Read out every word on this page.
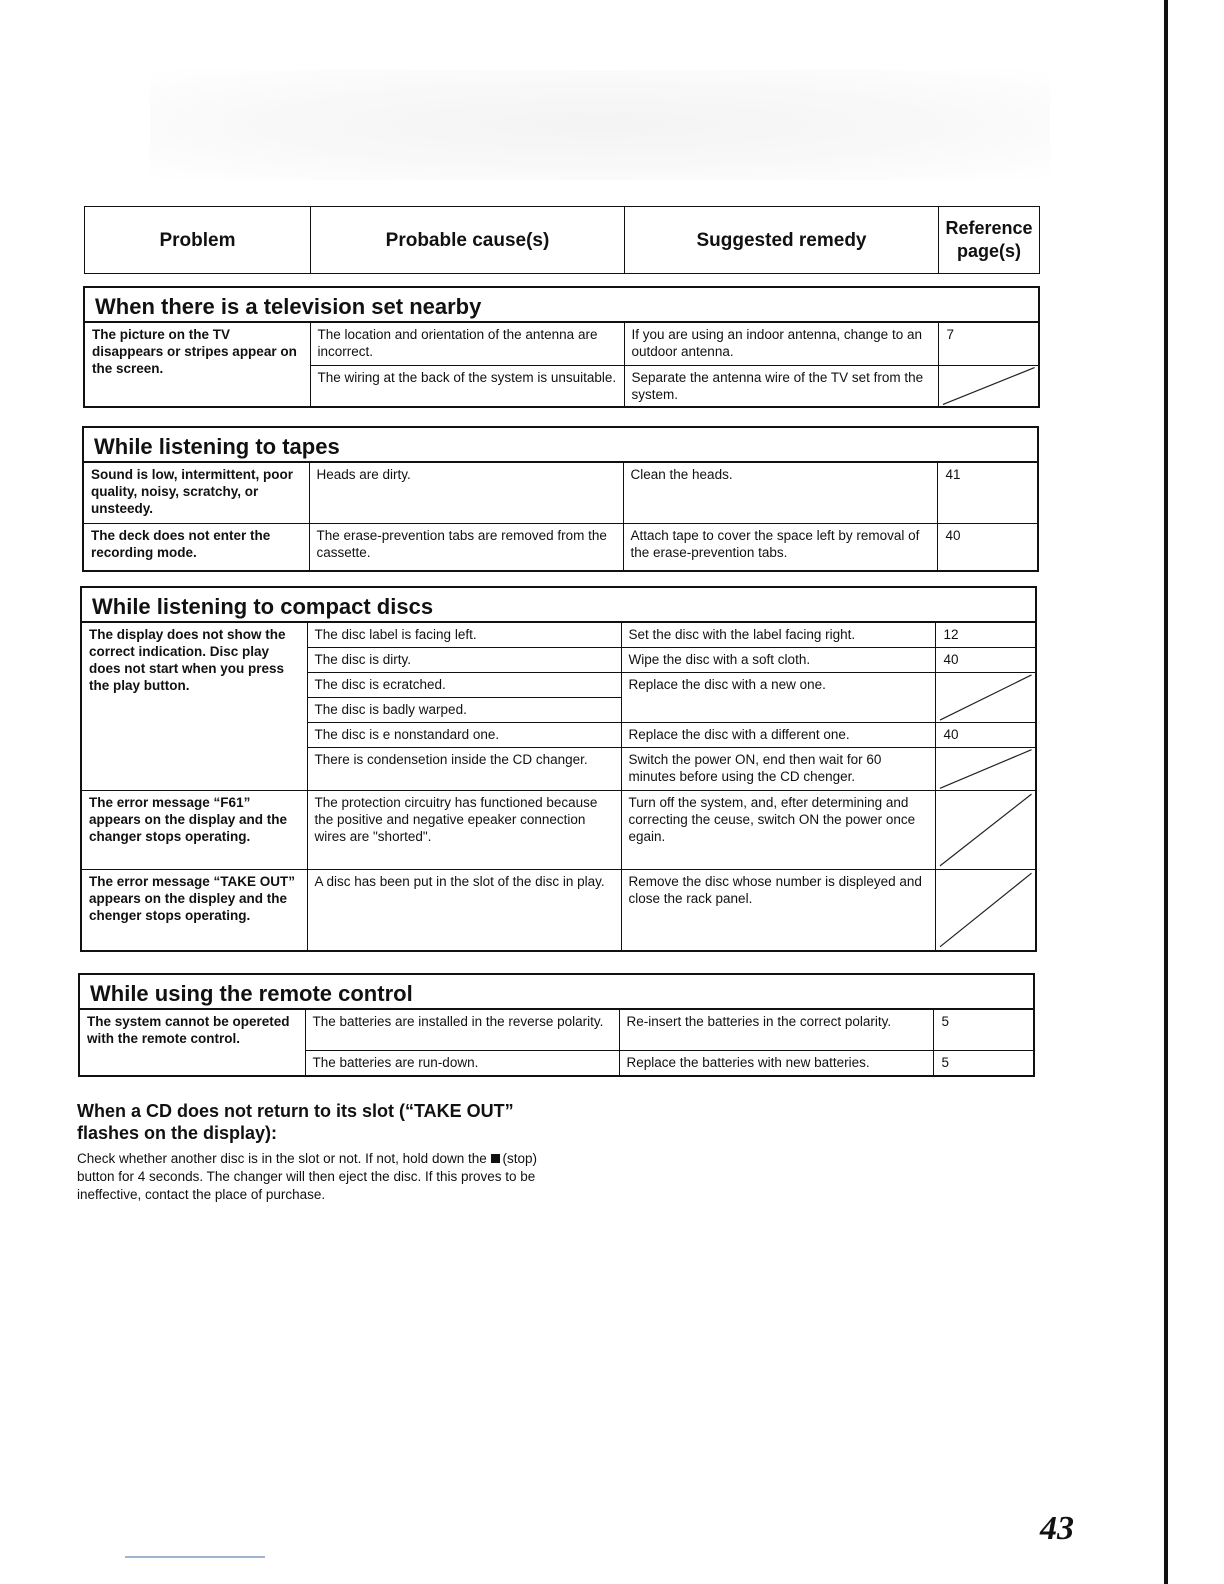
Problem	Probable cause(s)	Suggested remedy	Reference page(s)
When there is a television set nearby			
The picture on the TV disappears or stripes appear on the screen.	The location and orientation of the antenna are incorrect.	If you are using an indoor antenna, change to an outdoor antenna.	7
	The wiring at the back of the system is unsuitable.	Separate the antenna wire of the TV set from the system.	
While listening to tapes			
Sound is low, intermittent, poor quality, noisy, scratchy, or unsteedy.	Heads are dirty.	Clean the heads.	41
The deck does not enter the recording mode.	The erase-prevention tabs are removed from the cassette.	Attach tape to cover the space left by removal of the erase-prevention tabs.	40
While listening to compact discs			
The display does not show the correct indication. Disc play does not start when you press the play button.	The disc label is facing left.	Set the disc with the label facing right.	12
	The disc is dirty.	Wipe the disc with a soft cloth.	40
	The disc is ecratched.	Replace the disc with a new one.	

	The disc is badly warped.		
	The disc is e nonstandard one.	Replace the disc with a different one.	40
	There is condensetion inside the CD changer.	Switch the power ON, end then wait for 60 minutes before using the CD chenger.	

The error message “F61” appears on the display and the changer stops operating.	The protection circuitry has functioned because the positive and negative epeaker connection wires are "shorted".	Turn off the system, and, efter determining and correcting the ceuse, switch ON the power once egain.	

The error message “TAKE OUT” appears on the displey and the chenger stops operating.	A disc has been put in the slot of the disc in play.	Remove the disc whose number is displeyed and close the rack panel.	
While using the remote control			
The system cannot be opereted with the remote control.	The batteries are installed in the reverse polarity.	Re-insert the batteries in the correct polarity.	5
	The batteries are run-down.	Replace the batteries with new batteries.	5
When a CD does not return to its slot (“TAKE OUT” flashes on the display):

Check whether another disc is in the slot or not. If not, hold down the (stop) button for 4 seconds. The changer will then eject the disc. If this proves to be ineffective, contact the place of purchase.

43
